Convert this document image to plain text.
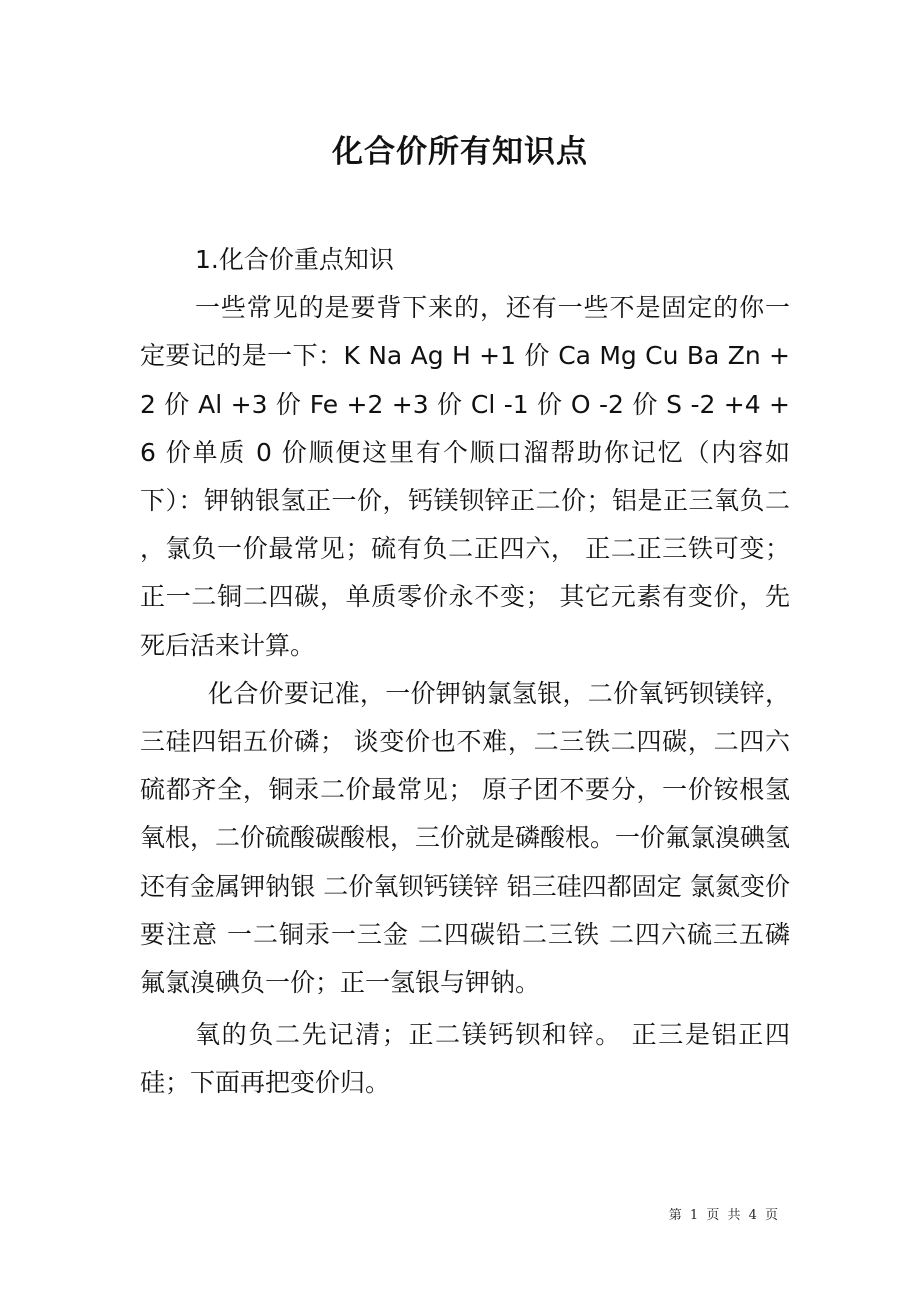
化合价所有知识点

1.化合价重点知识

一些常见的是要背下来的，还有一些不是固定的你一定要记的是一下：K Na Ag H +1 价 Ca Mg Cu Ba Zn +2 价 Al +3 价 Fe +2 +3 价 Cl -1 价 O -2 价 S -2 +4 +6 价单质 0 价顺便这里有个顺口溜帮助你记忆（内容如下）：钾钠银氢正一价，钙镁钡锌正二价；铝是正三氧负二 ，氯负一价最常见；硫有负二正四六， 正二正三铁可变；正一二铜二四碳，单质零价永不变； 其它元素有变价，先死后活来计算。

化合价要记准，一价钾钠氯氢银，二价氧钙钡镁锌，三硅四铝五价磷； 谈变价也不难，二三铁二四碳，二四六硫都齐全，铜汞二价最常见； 原子团不要分，一价铵根氢氧根，二价硫酸碳酸根，三价就是磷酸根。一价氟氯溴碘氢 还有金属钾钠银 二价氧钡钙镁锌 铝三硅四都固定 氯氮变价要注意 一二铜汞一三金 二四碳铅二三铁 二四六硫三五磷 氟氯溴碘负一价；正一氢银与钾钠。

氧的负二先记清；正二镁钙钡和锌。 正三是铝正四硅；下面再把变价归。

第 1 页 共 4 页
